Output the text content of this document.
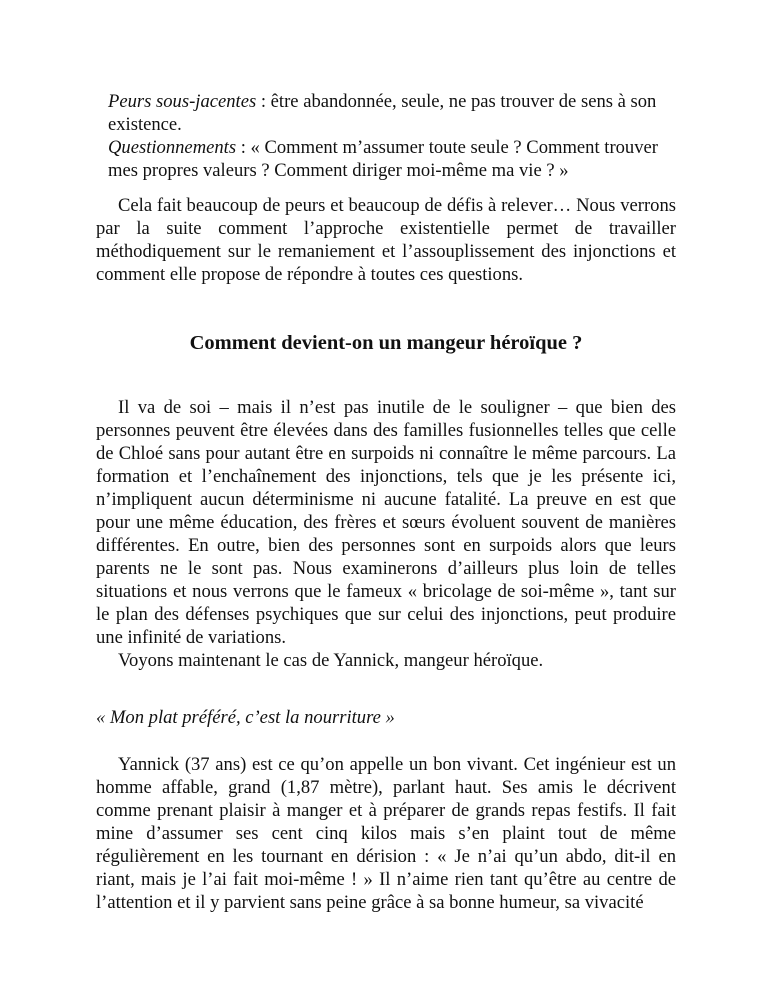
Peurs sous-jacentes : être abandonnée, seule, ne pas trouver de sens à son existence.

Questionnements : « Comment m’assumer toute seule ? Comment trouver mes propres valeurs ? Comment diriger moi-même ma vie ? »

Cela fait beaucoup de peurs et beaucoup de défis à relever… Nous verrons par la suite comment l’approche existentielle permet de travailler méthodiquement sur le remaniement et l’assouplissement des injonctions et comment elle propose de répondre à toutes ces questions.

Comment devient-on un mangeur héroïque ?

Il va de soi – mais il n’est pas inutile de le souligner – que bien des personnes peuvent être élevées dans des familles fusionnelles telles que celle de Chloé sans pour autant être en surpoids ni connaître le même parcours. La formation et l’enchaînement des injonctions, tels que je les présente ici, n’impliquent aucun déterminisme ni aucune fatalité. La preuve en est que pour une même éducation, des frères et sœurs évoluent souvent de manières différentes. En outre, bien des personnes sont en surpoids alors que leurs parents ne le sont pas. Nous examinerons d’ailleurs plus loin de telles situations et nous verrons que le fameux « bricolage de soi-même », tant sur le plan des défenses psychiques que sur celui des injonctions, peut produire une infinité de variations.

Voyons maintenant le cas de Yannick, mangeur héroïque.

« Mon plat préféré, c’est la nourriture »

Yannick (37 ans) est ce qu’on appelle un bon vivant. Cet ingénieur est un homme affable, grand (1,87 mètre), parlant haut. Ses amis le décrivent comme prenant plaisir à manger et à préparer de grands repas festifs. Il fait mine d’assumer ses cent cinq kilos mais s’en plaint tout de même régulièrement en les tournant en dérision : « Je n’ai qu’un abdo, dit-il en riant, mais je l’ai fait moi-même ! » Il n’aime rien tant qu’être au centre de l’attention et il y parvient sans peine grâce à sa bonne humeur, sa vivacité
